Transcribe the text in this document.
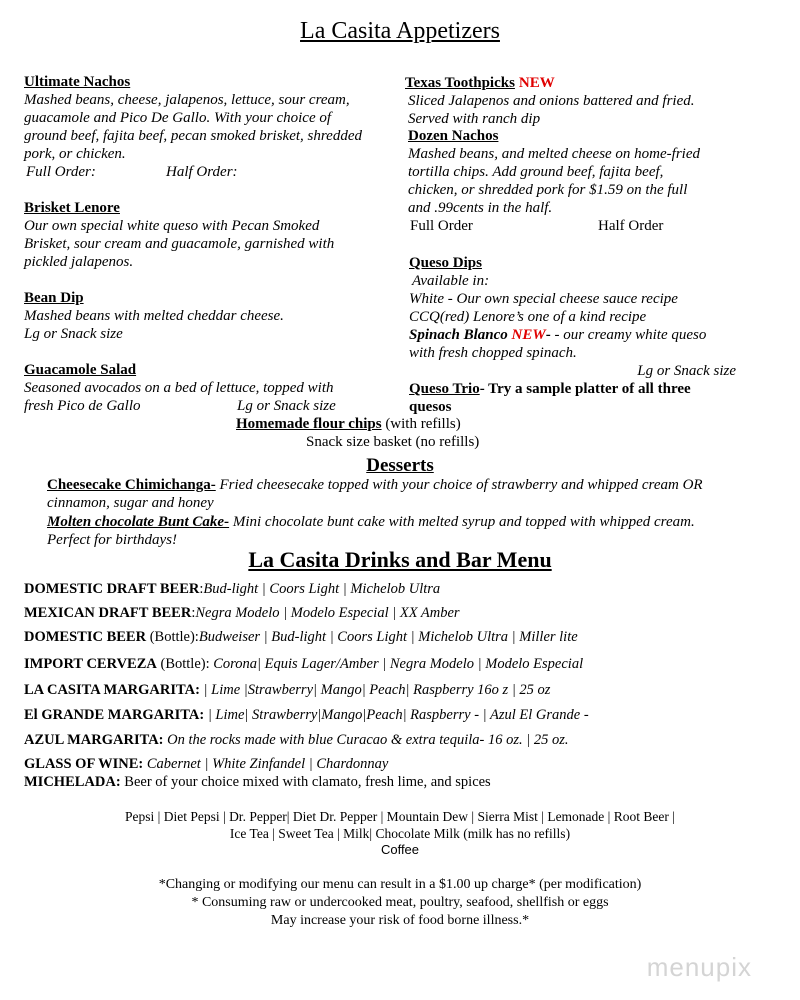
La Casita Appetizers
Ultimate Nachos
Mashed beans, cheese, jalapenos, lettuce, sour cream,
guacamole and Pico De Gallo. With your choice of
ground beef, fajita beef, pecan smoked brisket, shredded
pork, or chicken.
Full Order:	Half Order:
Brisket Lenore
Our own special white queso with Pecan Smoked
Brisket, sour cream and guacamole, garnished with
pickled jalapenos.
Bean Dip
Mashed beans with melted cheddar cheese.
Lg or Snack size
Guacamole Salad
Seasoned avocados on a bed of lettuce, topped with
fresh Pico de Gallo	Lg or Snack size
Texas Toothpicks NEW
Sliced Jalapenos and onions battered and fried.
Served with ranch dip
Dozen Nachos
Mashed beans, and melted cheese on home-fried
tortilla chips. Add ground beef, fajita beef,
chicken, or shredded pork for $1.59 on the full
and .99cents in the half.
Full Order	Half Order
Queso Dips
Available in:
White - Our own special cheese sauce recipe
CCQ(red) Lenore’s one of a kind recipe
Spinach Blanco NEW- - our creamy white queso
with fresh chopped spinach.
Lg or Snack size
Queso Trio- Try a sample platter of all three
quesos
Homemade flour chips (with refills)
Snack size basket (no refills)
Desserts
Cheesecake Chimichanga- Fried cheesecake topped with your choice of strawberry and whipped cream OR
cinnamon, sugar and honey
Molten chocolate Bunt Cake- Mini chocolate bunt cake with melted syrup and topped with whipped cream.
Perfect for birthdays!
La Casita Drinks and Bar Menu
DOMESTIC DRAFT BEER:Bud-light | Coors Light | Michelob Ultra
MEXICAN DRAFT BEER:Negra Modelo | Modelo Especial | XX Amber
DOMESTIC BEER (Bottle):Budweiser | Bud-light | Coors Light | Michelob Ultra | Miller lite
IMPORT CERVEZA (Bottle): Corona| Equis Lager/Amber | Negra Modelo | Modelo Especial
LA CASITA MARGARITA: | Lime |Strawberry| Mango| Peach| Raspberry 16o z | 25 oz
El GRANDE MARGARITA: | Lime| Strawberry|Mango|Peach| Raspberry - | Azul El Grande -
AZUL MARGARITA: On the rocks made with blue Curacao & extra tequila- 16 oz. | 25 oz.
GLASS OF WINE: Cabernet | White Zinfandel | Chardonnay
MICHELADA: Beer of your choice mixed with clamato, fresh lime, and spices
Pepsi | Diet Pepsi | Dr. Pepper| Diet Dr. Pepper | Mountain Dew | Sierra Mist | Lemonade | Root Beer |
Ice Tea | Sweet Tea | Milk| Chocolate Milk (milk has no refills)
Coffee
*Changing or modifying our menu can result in a $1.00 up charge* (per modification)
* Consuming raw or undercooked meat, poultry, seafood, shellfish or eggs
May increase your risk of food borne illness.*
menupix
